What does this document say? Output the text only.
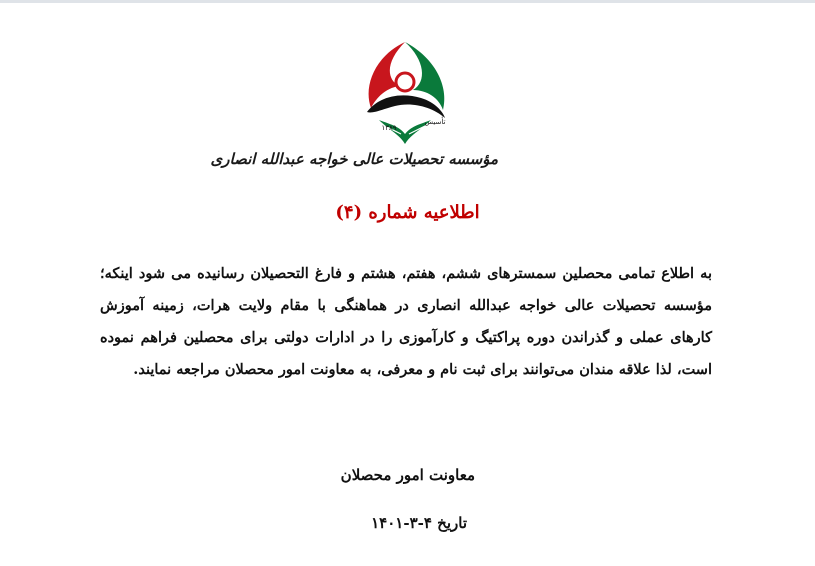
تأسیس
۱۳۸۹
مؤسسه تحصیلات عالی خواجه عبدالله انصاری
اطلاعیه شماره (۴)
به اطلاع تمامی محصلین سمسترهای ششم، هفتم، هشتم و فارغ التحصیلان رسانیده می شود اینکه؛ مؤسسه تحصیلات عالی خواجه عبدالله انصاری در هماهنگی با مقام ولایت هرات، زمینه آموزش کارهای عملی و گذراندن دوره پراکتیگ و کارآموزی را در ادارات دولتی برای محصلین فراهم نموده است، لذا علاقه مندان می‌توانند برای ثبت نام و معرفی، به معاونت امور محصلان مراجعه نمایند.
معاونت امور محصلان
تاریخ ۴-۳-۱۴۰۱
